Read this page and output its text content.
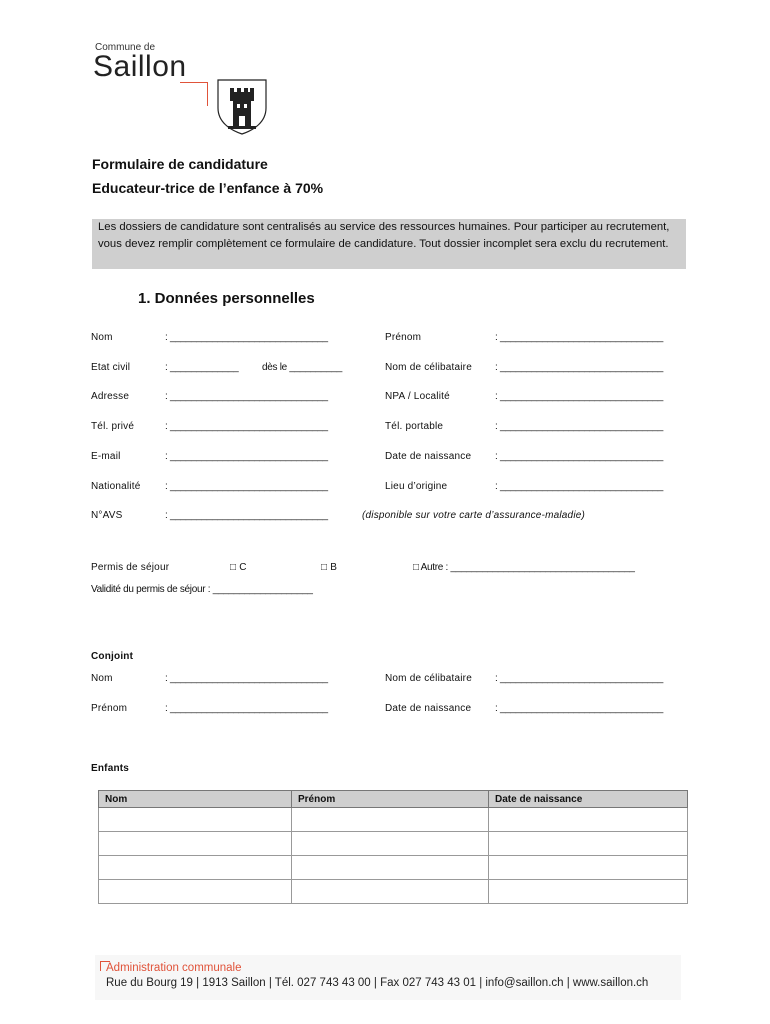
Commune de
Saillon
Formulaire de candidature
Educateur-trice de l’enfance à 70%
Les dossiers de candidature sont centralisés au service des ressources humaines. Pour participer au recrutement, vous devez remplir complètement ce formulaire de candidature. Tout dossier incomplet sera exclu du recrutement.
1. Données personnelles
Nom	: ______________________________	Prénom	: _______________________________
Etat civil	: _____________ dès le __________	Nom de célibataire : _______________________________
Adresse	: ______________________________	NPA / Localité	: _______________________________
Tél. privé	: ______________________________	Tél. portable	: _______________________________
E-mail	: ______________________________	Date de naissance : _______________________________
Nationalité : ______________________________	Lieu d’origine	: _______________________________
N°AVS	: ______________________________	(disponible sur votre carte d’assurance-maladie)
Permis de séjour	□ C	□ B	□ Autre : ___________________________________
Validité du permis de séjour : ___________________
Conjoint
Nom	: ______________________________	Nom de célibataire : _______________________________
Prénom	: ______________________________	Date de naissance : _______________________________
Enfants
Nom	Prénom	Date de naissance

Administration communale
Rue du Bourg 19 | 1913 Saillon | Tél. 027 743 43 00 | Fax 027 743 43 01 | info@saillon.ch | www.saillon.ch
